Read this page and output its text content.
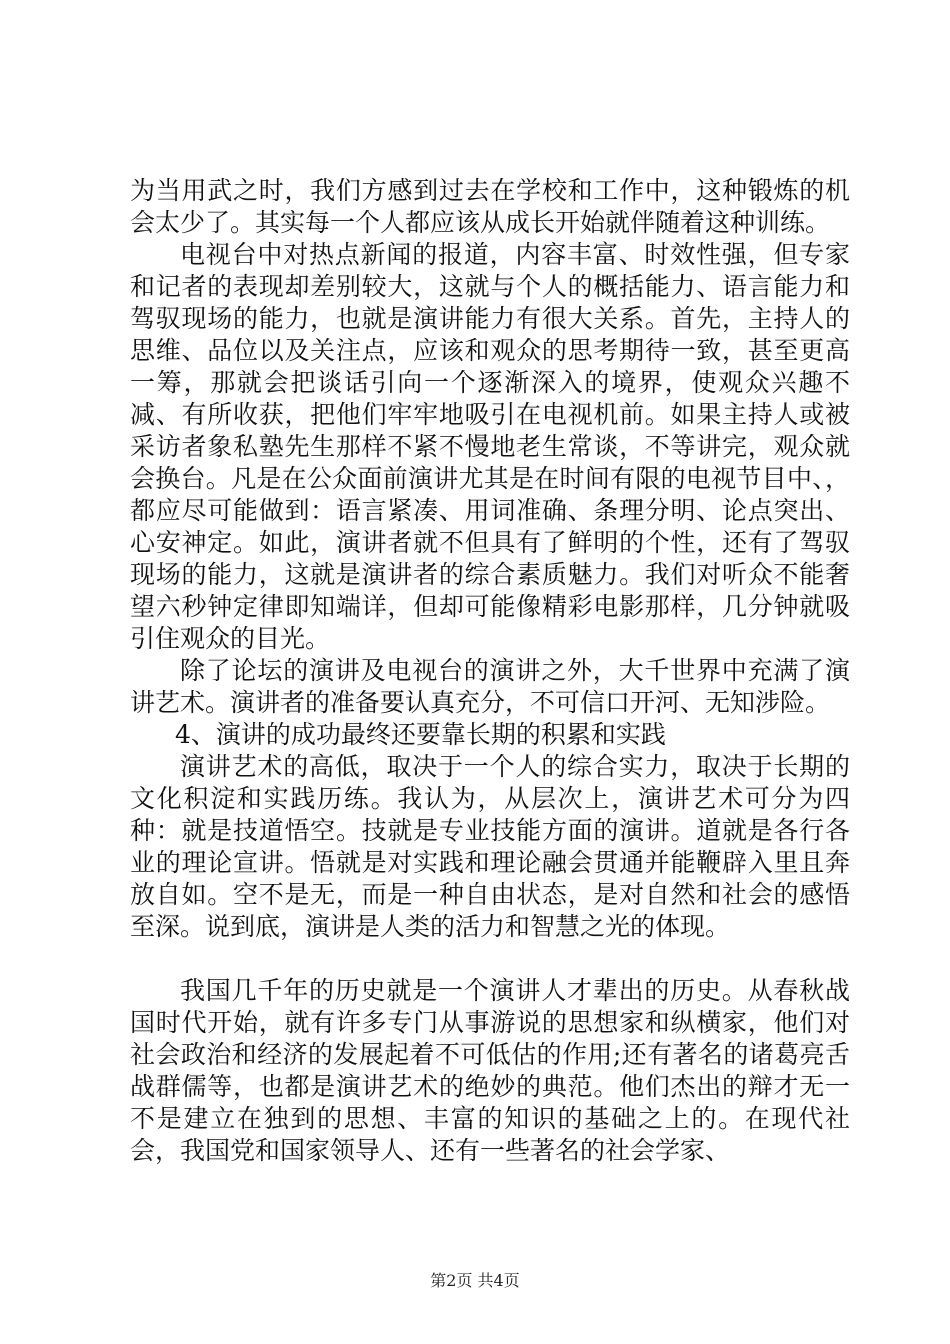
为当用武之时，我们方感到过去在学校和工作中，这种锻炼的机会太少了。其实每一个人都应该从成长开始就伴随着这种训练。

电视台中对热点新闻的报道，内容丰富、时效性强，但专家和记者的表现却差别较大，这就与个人的概括能力、语言能力和驾驭现场的能力，也就是演讲能力有很大关系。首先，主持人的思维、品位以及关注点，应该和观众的思考期待一致，甚至更高一筹，那就会把谈话引向一个逐渐深入的境界，使观众兴趣不减、有所收获，把他们牢牢地吸引在电视机前。如果主持人或被采访者象私塾先生那样不紧不慢地老生常谈，不等讲完，观众就会换台。凡是在公众面前演讲尤其是在时间有限的电视节目中、，都应尽可能做到：语言紧凑、用词准确、条理分明、论点突出、心安神定。如此，演讲者就不但具有了鲜明的个性，还有了驾驭现场的能力，这就是演讲者的综合素质魅力。我们对听众不能奢望六秒钟定律即知端详，但却可能像精彩电影那样，几分钟就吸引住观众的目光。

除了论坛的演讲及电视台的演讲之外，大千世界中充满了演讲艺术。演讲者的准备要认真充分，不可信口开河、无知涉险。

4、演讲的成功最终还要靠长期的积累和实践

演讲艺术的高低，取决于一个人的综合实力，取决于长期的文化积淀和实践历练。我认为，从层次上，演讲艺术可分为四种：就是技道悟空。技就是专业技能方面的演讲。道就是各行各业的理论宣讲。悟就是对实践和理论融会贯通并能鞭辟入里且奔放自如。空不是无，而是一种自由状态，是对自然和社会的感悟至深。说到底，演讲是人类的活力和智慧之光的体现。

我国几千年的历史就是一个演讲人才辈出的历史。从春秋战国时代开始，就有许多专门从事游说的思想家和纵横家，他们对社会政治和经济的发展起着不可低估的作用;还有著名的诸葛亮舌战群儒等，也都是演讲艺术的绝妙的典范。他们杰出的辩才无一不是建立在独到的思想、丰富的知识的基础之上的。在现代社会，我国党和国家领导人、还有一些著名的社会学家、

第2页 共4页
